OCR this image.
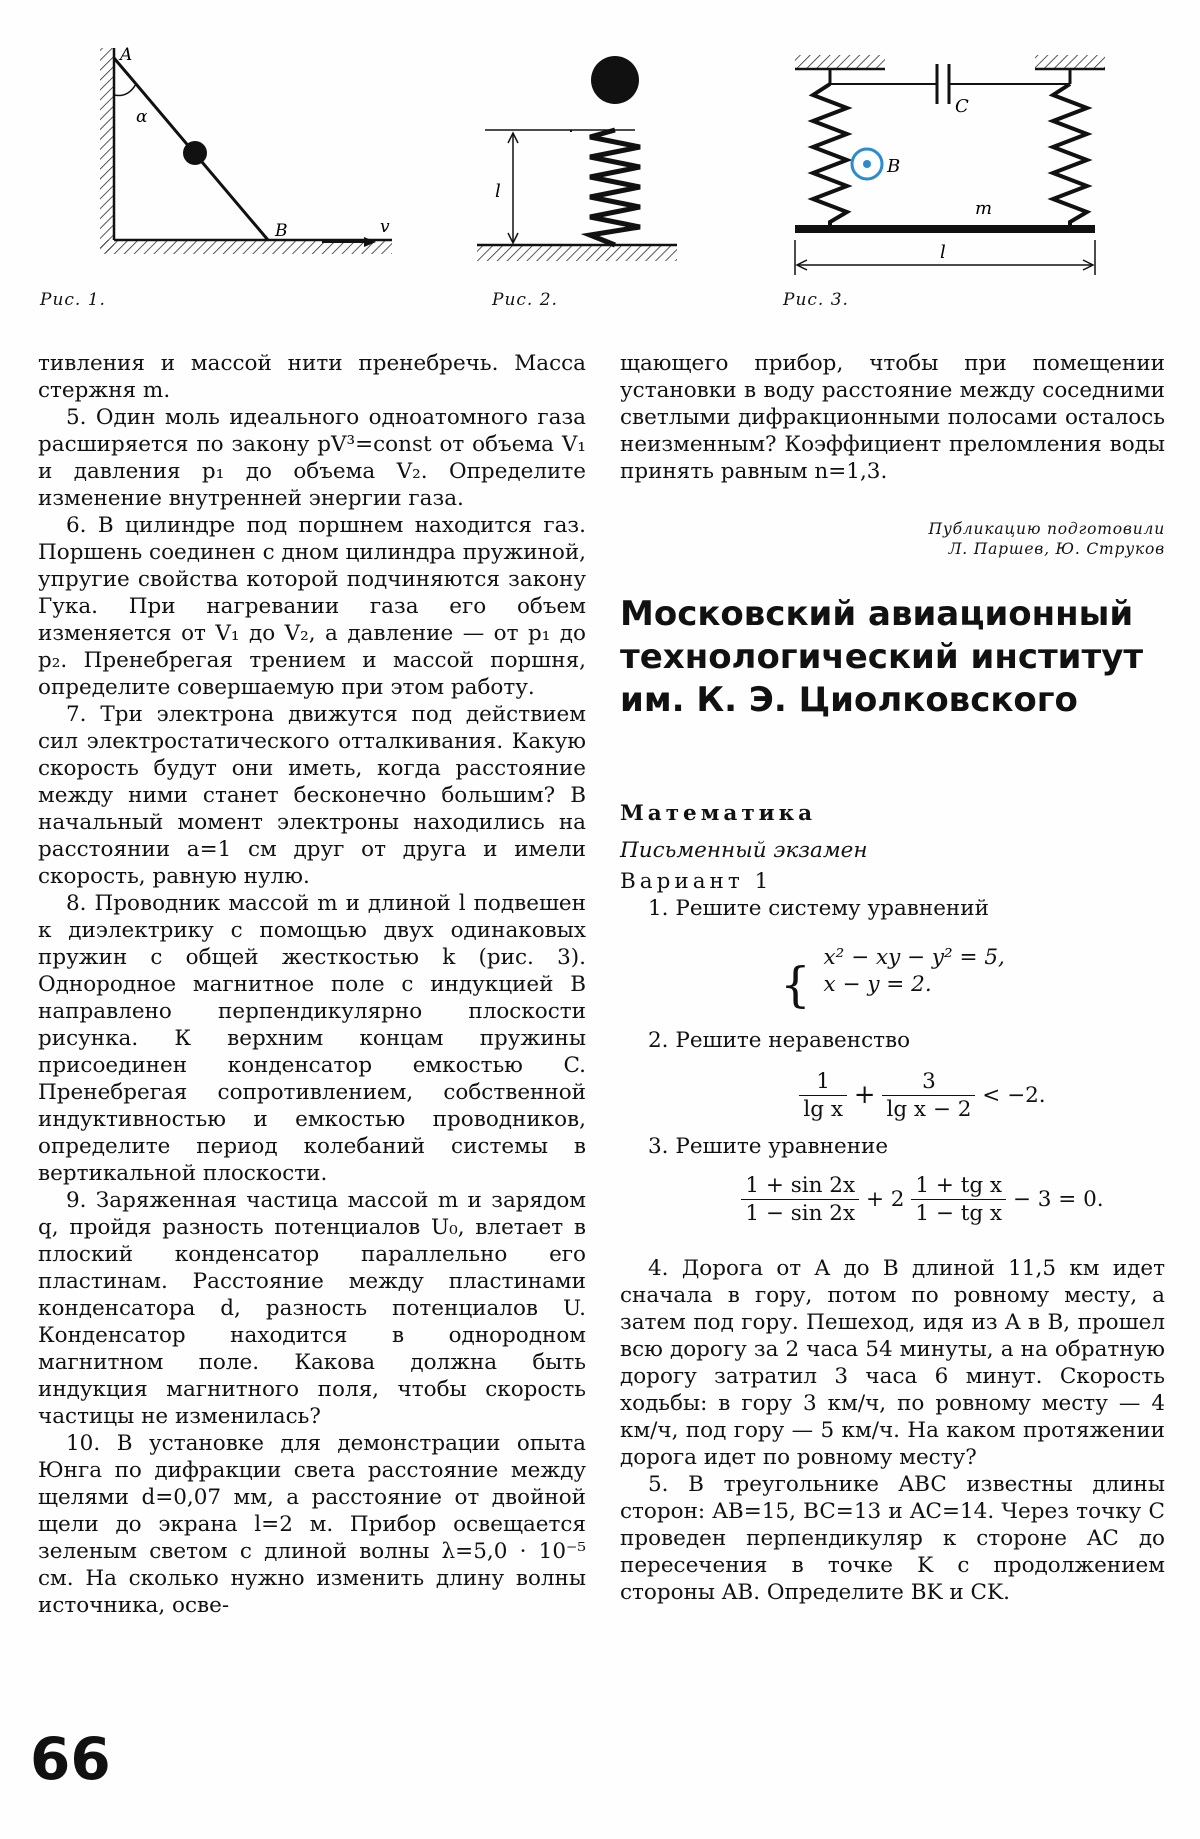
A
α
B	v
Рис. 1.
l
Рис. 2.
C
B
m
l
Рис. 3.

тивления и массой нити пренебречь. Масса стержня m.

5. Один моль идеального одноатомного газа расширяется по закону pV³=const от объема V₁ и давления p₁ до объема V₂. Определите изменение внутренней энергии газа.

6. В цилиндре под поршнем находится газ. Поршень соединен с дном цилиндра пружиной, упругие свойства которой подчиняются закону Гука. При нагревании газа его объем изменяется от V₁ до V₂, а давление — от p₁ до p₂. Пренебрегая трением и массой поршня, определите совершаемую при этом работу.

7. Три электрона движутся под действием сил электростатического отталкивания. Какую скорость будут они иметь, когда расстояние между ними станет бесконечно большим? В начальный момент электроны находились на расстоянии a=1 см друг от друга и имели скорость, равную нулю.

8. Проводник массой m и длиной l подвешен к диэлектрику с помощью двух одинаковых пружин с общей жесткостью k (рис. 3). Однородное магнитное поле с индукцией B направлено перпендикулярно плоскости рисунка. К верхним концам пружины присоединен конденсатор емкостью C. Пренебрегая сопротивлением, собственной индуктивностью и емкостью проводников, определите период колебаний системы в вертикальной плоскости.

9. Заряженная частица массой m и зарядом q, пройдя разность потенциалов U₀, влетает в плоский конденсатор параллельно его пластинам. Расстояние между пластинами конденсатора d, разность потенциалов U. Конденсатор находится в однородном магнитном поле. Какова должна быть индукция магнитного поля, чтобы скорость частицы не изменилась?

10. В установке для демонстрации опыта Юнга по дифракции света расстояние между щелями d=0,07 мм, а расстояние от двойной щели до экрана l=2 м. Прибор освещается зеленым светом с длиной волны λ=5,0 · 10⁻⁵ см. На сколько нужно изменить длину волны источника, осве-

щающего прибор, чтобы при помещении установки в воду расстояние между соседними светлыми дифракционными полосами осталось неизменным? Коэффициент преломления воды принять равным n=1,3.

Публикацию подготовили
Л. Паршев, Ю. Струков
Московский авиационный технологический институт им. К. Э. Циолковского

Математика

Письменный экзамен

Вариант 1

1. Решите систему уравнений

{ x² − xy − y² = 5,
x − y = 2.

2. Решите неравенство

$\frac{1}{\text{lg x}} + \frac{3}{\text{lg x − 2}} < -2$.

3. Решите уравнение

$\frac{1 + \sin 2x}{1 - \sin 2x} + 2 \frac{\text{1 + tg x}}{\text{1 − tg x}} - 3 = 0$.

4. Дорога от A до B длиной 11,5 км идет сначала в гору, потом по ровному месту, а затем под гору. Пешеход, идя из A в B, прошел всю дорогу за 2 часа 54 минуты, а на обратную дорогу затратил 3 часа 6 минут. Скорость ходьбы: в гору 3 км/ч, по ровному месту — 4 км/ч, под гору — 5 км/ч. На каком протяжении дорога идет по ровному месту?

5. В треугольнике ABC известны длины сторон: AB=15, BC=13 и AC=14. Через точку C проведен перпендикуляр к стороне AC до пересечения в точке K с продолжением стороны AB. Определите BK и CK.

66
